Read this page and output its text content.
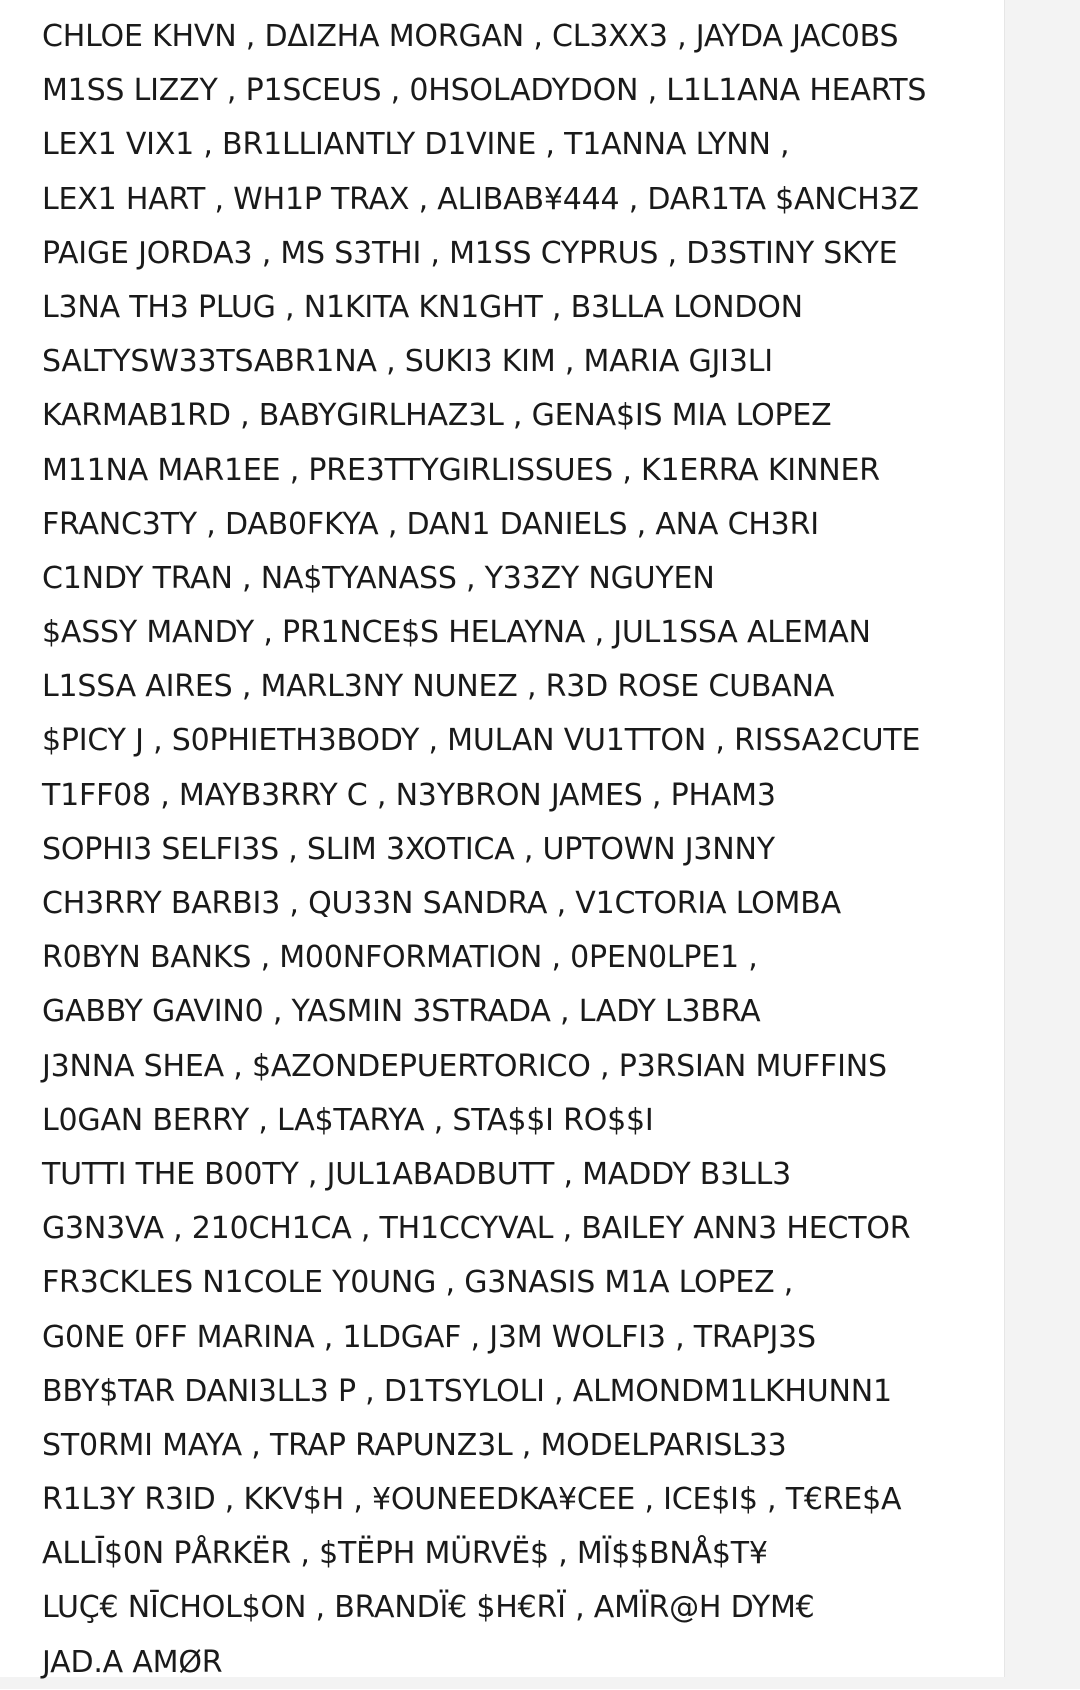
CHLOE KHVN , DΔIZHA MORGAN , CL3XX3 , JAYDA JAC0BS
M1SS LIZZY , P1SCEUS , 0HSOLADYDON , L1L1ANA HEARTS
LEX1 VIX1 , BR1LLIANTLY D1VINE , T1ANNA LYNN ,
LEX1 HART , WH1P TRAX , ALIBAB¥444 , DAR1TA $ANCH3Z
PAIGE JORDA3 , MS S3THI , M1SS CYPRUS , D3STINY SKYE
L3NA TH3 PLUG , N1KITA KN1GHT , B3LLA LONDON
SALTYSW33TSABR1NA , SUKI3 KIM , MARIA GJI3LI
KARMAB1RD , BABYGIRLHAZ3L , GENA$IS MIA LOPEZ
M11NA MAR1EE , PRE3TTYGIRLISSUES , K1ERRA KINNER
FRANC3TY , DAB0FKYA , DAN1 DANIELS , ANA CH3RI
C1NDY TRAN , NA$TYANASS , Y33ZY NGUYEN
$ASSY MANDY , PR1NCE$S HELAYNA , JUL1SSA ALEMAN
L1SSA AIRES , MARL3NY NUNEZ , R3D ROSE CUBANA
$PICY J , S0PHIETH3BODY , MULAN VU1TTON , RISSA2CUTE
T1FF08 , MAYB3RRY C , N3YBRON JAMES , PHAM3
SOPHI3 SELFI3S , SLIM 3XOTICA , UPTOWN J3NNY
CH3RRY BARBI3 , QU33N SANDRA , V1CTORIA LOMBA
R0BYN BANKS , M00NFORMATION , 0PEN0LPE1 ,
GABBY GAVIN0 , YASMIN 3STRADA , LADY L3BRA
J3NNA SHEA , $AZONDEPUERTORICO , P3RSIAN MUFFINS
L0GAN BERRY , LA$TARYA , STA$$I RO$$I
TUTTI THE B00TY , JUL1ABADBUTT , MADDY B3LL3
G3N3VA , 210CH1CA , TH1CCYVAL , BAILEY ANN3 HECTOR
FR3CKLES N1COLE Y0UNG , G3NASIS M1A LOPEZ ,
G0NE 0FF MARINA , 1LDGAF , J3M WOLFI3 , TRAPJ3S
BBY$TAR DANI3LL3 P , D1TSYLOLI , ALMONDM1LKHUNN1
ST0RMI MAYA , TRAP RAPUNZ3L , MODELPARISL33
R1L3Y R3ID , KKV$H , ¥OUNEEDKA¥CEE , ICE$I$ , T€RE$A
ALLĪ$0N PÅRKËR , $TËPH MÜRVË$ , MÏ$$BNÅ$T¥
LUÇ€ NĪCHOL$ON , BRANDÏ€ $H€RÏ , AMÏR@H DYM€
JAD.A AMØR
